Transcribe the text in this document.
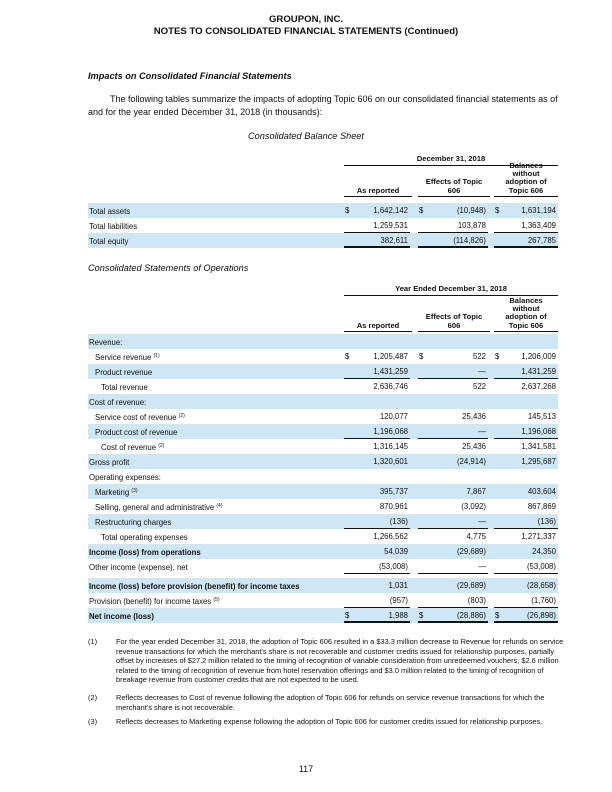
GROUPON, INC.
NOTES TO CONSOLIDATED FINANCIAL STATEMENTS (Continued)
Impacts on Consolidated Financial Statements
The following tables summarize the impacts of adopting Topic 606 on our consolidated financial statements as of and for the year ended December 31, 2018 (in thousands):
Consolidated Balance Sheet
December 31, 2018
As reported
Effects of Topic
606
Balances
without
adoption of
Topic 606
Total assets	$	1,642,142 $	(10,948) $	1,631,194
Total liabilities	1,259,531	103,878	1,363,409
Total equity	382,611	(114,826)	267,785
Consolidated Statements of Operations
Year Ended December 31, 2018
As reported
Effects of Topic
606
Balances
without
adoption of
Topic 606
Revenue:
Service revenue $^{(1)}$	$	1,205,487 $	522 $	1,206,009
Product revenue	1,431,259	—	1,431,259
Total revenue	2,636,746	522	2,637,268
Cost of revenue:
Service cost of revenue $^{(2)}$	120,077	25,436	145,513
Product cost of revenue	1,196,068	—	1,196,068
Cost of revenue $^{(2)}$	1,316,145	25,436	1,341,581
Gross profit	1,320,601	(24,914)	1,295,687
Operating expenses:
Marketing $^{(3)}$	395,737	7,867	403,604
Selling, general and administrative $^{(4)}$	870,961	(3,092)	867,869
Restructuring charges	(136)	—	(136)
Total operating expenses	1,266,562	4,775	1,271,337
Income (loss) from operations	54,039	(29,689)	24,350
Other income (expense), net	(53,008)	—	(53,008)
Income (loss) before provision (benefit) for income taxes	1,031	(29,689)	(28,658)
Provision (benefit) for income taxes $^{(5)}$	(957)	(803)	(1,760)
Net income (loss)	$	1,988 $	(28,886) $	(26,898)
(1)	For the year ended December 31, 2018, the adoption of Topic 606 resulted in a $33.3 million decrease to Revenue for refunds on service revenue transactions for which the merchant's share is not recoverable and customer credits issued for relationship purposes, partially offset by increases of $27.2 million related to the timing of recognition of variable consideration from unredeemed vouchers, $2.6 million related to the timing of recognition of revenue from hotel reservation offerings and $3.0 million related to the timing of recognition of breakage revenue from customer credits that are not expected to be used.
(2)	Reflects decreases to Cost of revenue following the adoption of Topic 606 for refunds on service revenue transactions for which the merchant's share is not recoverable.
(3)	Reflects decreases to Marketing expense following the adoption of Topic 606 for customer credits issued for relationship purposes.
117
